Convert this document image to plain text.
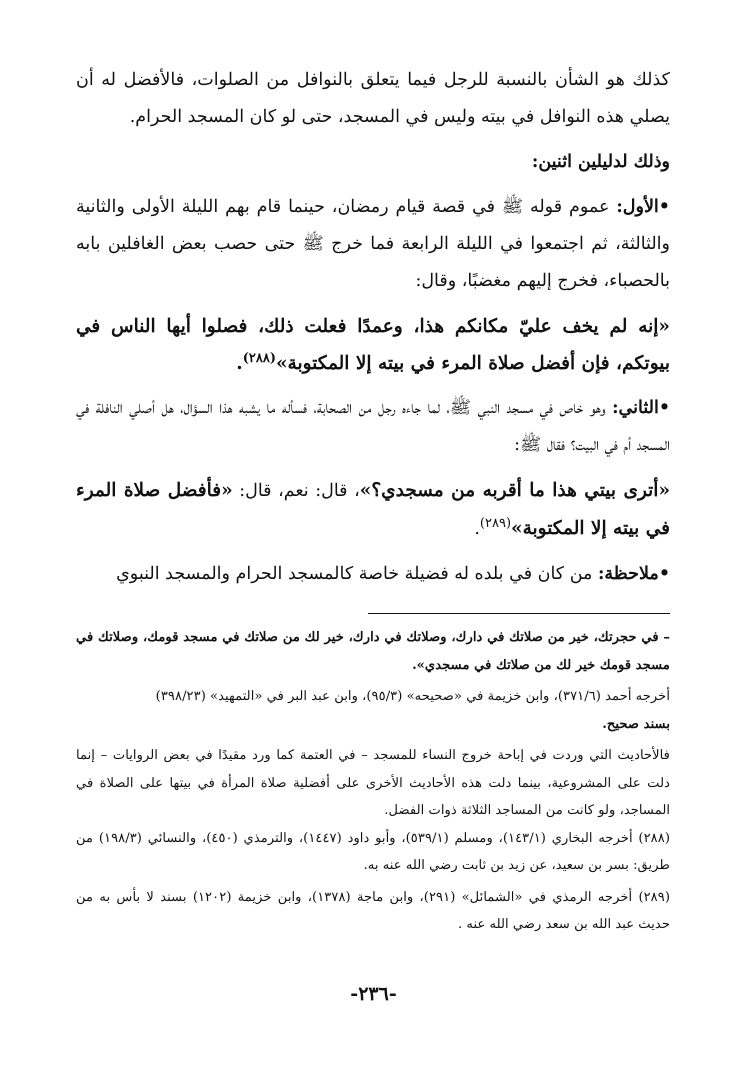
كذلك هو الشأن بالنسبة للرجل فيما يتعلق بالنوافل من الصلوات، فالأفضل له أن يصلي هذه النوافل في بيته وليس في المسجد، حتى لو كان المسجد الحرام.

وذلك لدليلين اثنين:

• الأول: عموم قوله ﷺ في قصة قيام رمضان، حينما قام بهم الليلة الأولى والثانية والثالثة، ثم اجتمعوا في الليلة الرابعة فما خرج ﷺ حتى حصب بعض الغافلين بابه بالحصباء، فخرج إليهم مغضبًا، وقال:

«إنه لم يخف عليّ مكانكم هذا، وعمدًا فعلت ذلك، فصلوا أيها الناس في بيوتكم، فإن أفضل صلاة المرء في بيته إلا المكتوبة»$^{(٢٨٨)}$.

• الثاني: وهو خاص في مسجد النبي ﷺ، لما جاءه رجل من الصحابة، فسأله ما يشبه هذا السؤال، هل أصلي النافلة في المسجد أم في البيت؟ فقال ﷺ:

«أترى بيتي هذا ما أقربه من مسجدي؟»، قال: نعم، قال: «فأفضل صلاة المرء في بيته إلا المكتوبة»$^{(٢٨٩)}$.

• ملاحظة: من كان في بلده له فضيلة خاصة كالمسجد الحرام والمسجد النبوي

– في حجرتك، خير من صلاتك في دارك، وصلاتك في دارك، خير لك من صلاتك في مسجد قومك، وصلاتك في مسجد قومك خير لك من صلاتك في مسجدي».

أخرجه أحمد (٣٧١/٦)، وابن خزيمة في «صحيحه» (٩٥/٣)، وابن عبد البر في «التمهيد» (٣٩٨/٢٣)

بسند صحيح.

فالأحاديث التي وردت في إباحة خروج النساء للمسجد – في العتمة كما ورد مقيدًا في بعض الروايات – إنما دلت على المشروعية، بينما دلت هذه الأحاديث الأخرى على أفضلية صلاة المرأة في بيتها على الصلاة في المساجد، ولو كانت من المساجد الثلاثة ذوات الفضل.

(٢٨٨) أخرجه البخاري (١٤٣/١)، ومسلم (٥٣٩/١)، وأبو داود (١٤٤٧)، والترمذي (٤٥٠)، والنسائي (١٩٨/٣) من طريق: بسر بن سعيد، عن زيد بن ثابت رضي الله عنه به.

(٢٨٩) أخرجه الرمذي في «الشمائل» (٢٩١)، وابن ماجة (١٣٧٨)، وابن خزيمة (١٢٠٢) بسند لا بأس به من حديث عبد الله بن سعد رضي الله عنه .

-٢٣٦-
